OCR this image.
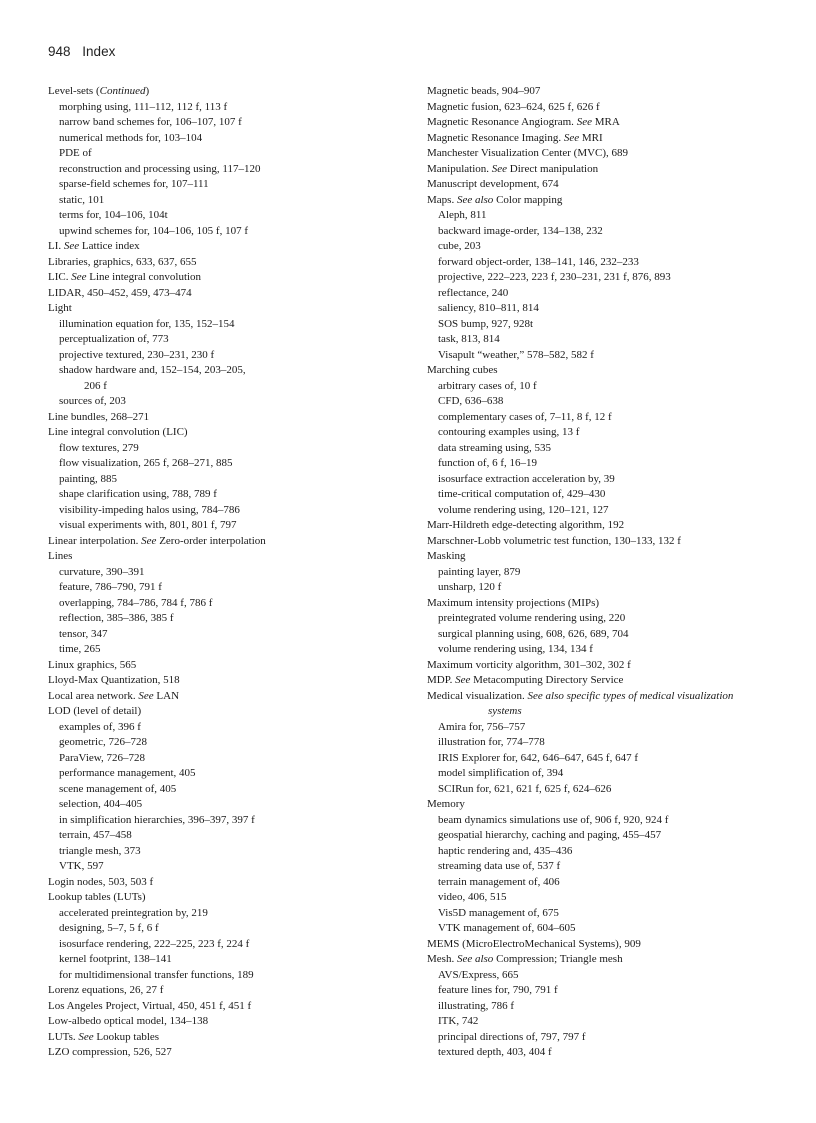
948 Index
Level-sets (Continued)
morphing using, 111–112, 112 f, 113 f
narrow band schemes for, 106–107, 107 f
numerical methods for, 103–104
PDE of
reconstruction and processing using, 117–120
sparse-field schemes for, 107–111
static, 101
terms for, 104–106, 104t
upwind schemes for, 104–106, 105 f, 107 f
LI. See Lattice index
Libraries, graphics, 633, 637, 655
LIC. See Line integral convolution
LIDAR, 450–452, 459, 473–474
Light
illumination equation for, 135, 152–154
perceptualization of, 773
projective textured, 230–231, 230 f
shadow hardware and, 152–154, 203–205,
206 f
sources of, 203
Line bundles, 268–271
Line integral convolution (LIC)
flow textures, 279
flow visualization, 265 f, 268–271, 885
painting, 885
shape clarification using, 788, 789 f
visibility-impeding halos using, 784–786
visual experiments with, 801, 801 f, 797
Linear interpolation. See Zero-order interpolation
Lines
curvature, 390–391
feature, 786–790, 791 f
overlapping, 784–786, 784 f, 786 f
reflection, 385–386, 385 f
tensor, 347
time, 265
Linux graphics, 565
Lloyd-Max Quantization, 518
Local area network. See LAN
LOD (level of detail)
examples of, 396 f
geometric, 726–728
ParaView, 726–728
performance management, 405
scene management of, 405
selection, 404–405
in simplification hierarchies, 396–397, 397 f
terrain, 457–458
triangle mesh, 373
VTK, 597
Login nodes, 503, 503 f
Lookup tables (LUTs)
accelerated preintegration by, 219
designing, 5–7, 5 f, 6 f
isosurface rendering, 222–225, 223 f, 224 f
kernel footprint, 138–141
for multidimensional transfer functions, 189
Lorenz equations, 26, 27 f
Los Angeles Project, Virtual, 450, 451 f, 451 f
Low-albedo optical model, 134–138
LUTs. See Lookup tables
LZO compression, 526, 527
Magnetic beads, 904–907
Magnetic fusion, 623–624, 625 f, 626 f
Magnetic Resonance Angiogram. See MRA
Magnetic Resonance Imaging. See MRI
Manchester Visualization Center (MVC), 689
Manipulation. See Direct manipulation
Manuscript development, 674
Maps. See also Color mapping
Aleph, 811
backward image-order, 134–138, 232
cube, 203
forward object-order, 138–141, 146, 232–233
projective, 222–223, 223 f, 230–231, 231 f, 876, 893
reflectance, 240
saliency, 810–811, 814
SOS bump, 927, 928t
task, 813, 814
Visapult “weather,” 578–582, 582 f
Marching cubes
arbitrary cases of, 10 f
CFD, 636–638
complementary cases of, 7–11, 8 f, 12 f
contouring examples using, 13 f
data streaming using, 535
function of, 6 f, 16–19
isosurface extraction acceleration by, 39
time-critical computation of, 429–430
volume rendering using, 120–121, 127
Marr-Hildreth edge-detecting algorithm, 192
Marschner-Lobb volumetric test function, 130–133, 132 f
Masking
painting layer, 879
unsharp, 120 f
Maximum intensity projections (MIPs)
preintegrated volume rendering using, 220
surgical planning using, 608, 626, 689, 704
volume rendering using, 134, 134 f
Maximum vorticity algorithm, 301–302, 302 f
MDP. See Metacomputing Directory Service
Medical visualization. See also specific types of medical visualization
systems
Amira for, 756–757
illustration for, 774–778
IRIS Explorer for, 642, 646–647, 645 f, 647 f
model simplification of, 394
SCIRun for, 621, 621 f, 625 f, 624–626
Memory
beam dynamics simulations use of, 906 f, 920, 924 f
geospatial hierarchy, caching and paging, 455–457
haptic rendering and, 435–436
streaming data use of, 537 f
terrain management of, 406
video, 406, 515
Vis5D management of, 675
VTK management of, 604–605
MEMS (MicroElectroMechanical Systems), 909
Mesh. See also Compression; Triangle mesh
AVS/Express, 665
feature lines for, 790, 791 f
illustrating, 786 f
ITK, 742
principal directions of, 797, 797 f
textured depth, 403, 404 f
